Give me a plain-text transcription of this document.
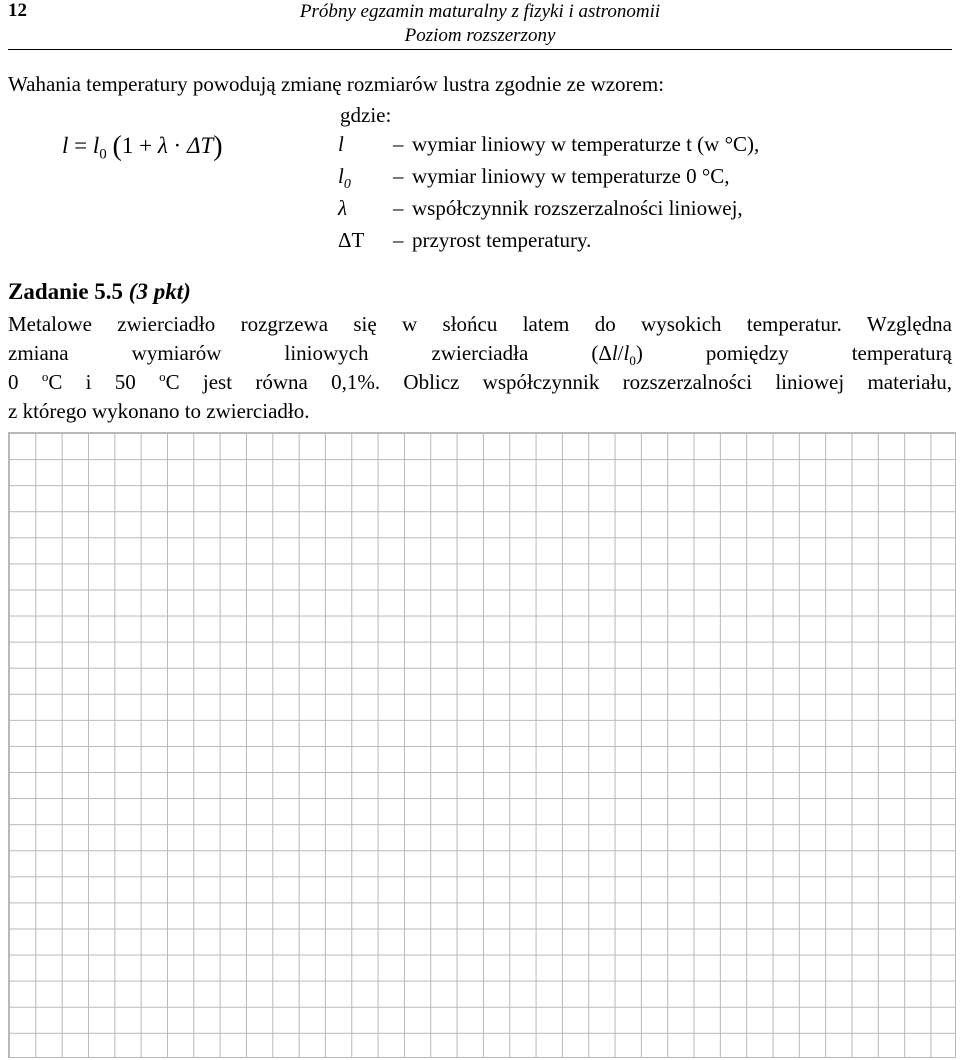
12	Próbny egzamin maturalny z fizyki i astronomii
Poziom rozszerzony
Wahania temperatury powodują zmianę rozmiarów lustra zgodnie ze wzorem:
gdzie:
$l = l_0$ (1 + λ · ΔT)	l	– wymiar liniowy w temperaturze t (w °C),
$l_0$	– wymiar liniowy w temperaturze 0 °C,
λ	– współczynnik rozszerzalności liniowej,
ΔT	– przyrost temperatury.
Zadanie 5.5 (3 pkt)
Metalowe zwierciadło rozgrzewa się w słońcu latem do wysokich temperatur. Względna
zmiana wymiarów liniowych zwierciadła $(\Delta l/l_0)$ pomiędzy temperaturą
0 $^o$C i 50 $^o$C jest równa 0,1%. Oblicz współczynnik rozszerzalności liniowej materiału,
z którego wykonano to zwierciadło.
